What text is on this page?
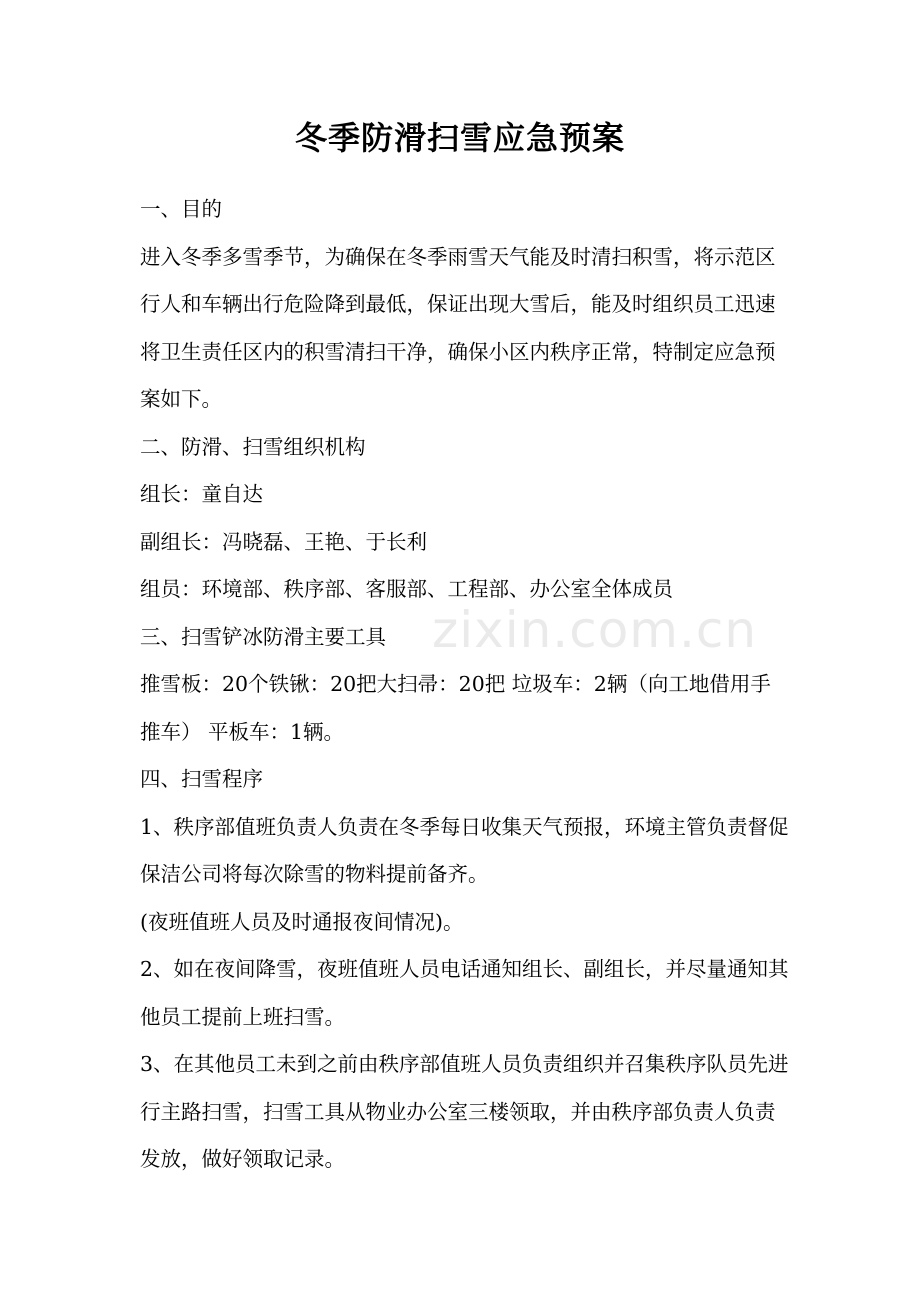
冬季防滑扫雪应急预案

一、目的

进入冬季多雪季节，为确保在冬季雨雪天气能及时清扫积雪，将示范区行人和车辆出行危险降到最低，保证出现大雪后，能及时组织员工迅速将卫生责任区内的积雪清扫干净，确保小区内秩序正常，特制定应急预案如下。

二、防滑、扫雪组织机构

组长：童自达

副组长：冯晓磊、王艳、于长利

组员：环境部、秩序部、客服部、工程部、办公室全体成员

三、扫雪铲冰防滑主要工具

推雪板：20个铁锹：20把大扫帚：20把 垃圾车：2辆（向工地借用手推车） 平板车：1辆。

四、扫雪程序

1、秩序部值班负责人负责在冬季每日收集天气预报，环境主管负责督促保洁公司将每次除雪的物料提前备齐。

(夜班值班人员及时通报夜间情况)。

2、如在夜间降雪，夜班值班人员电话通知组长、副组长，并尽量通知其他员工提前上班扫雪。

3、在其他员工未到之前由秩序部值班人员负责组织并召集秩序队员先进行主路扫雪，扫雪工具从物业办公室三楼领取，并由秩序部负责人负责发放，做好领取记录。

zixin.com.cn
